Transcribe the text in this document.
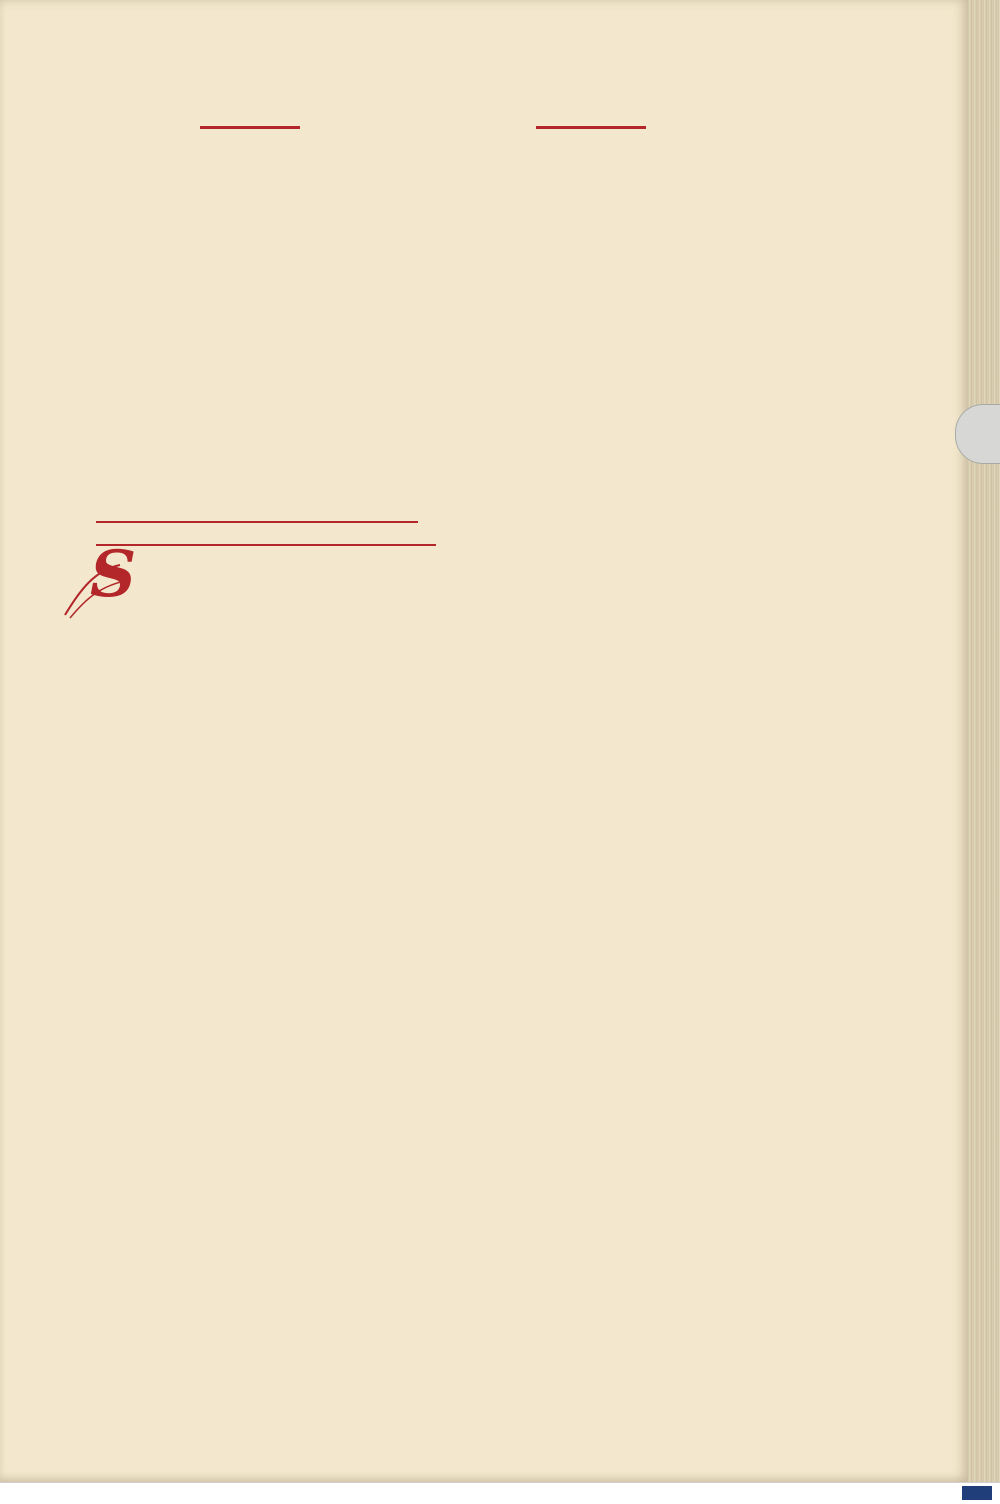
S
